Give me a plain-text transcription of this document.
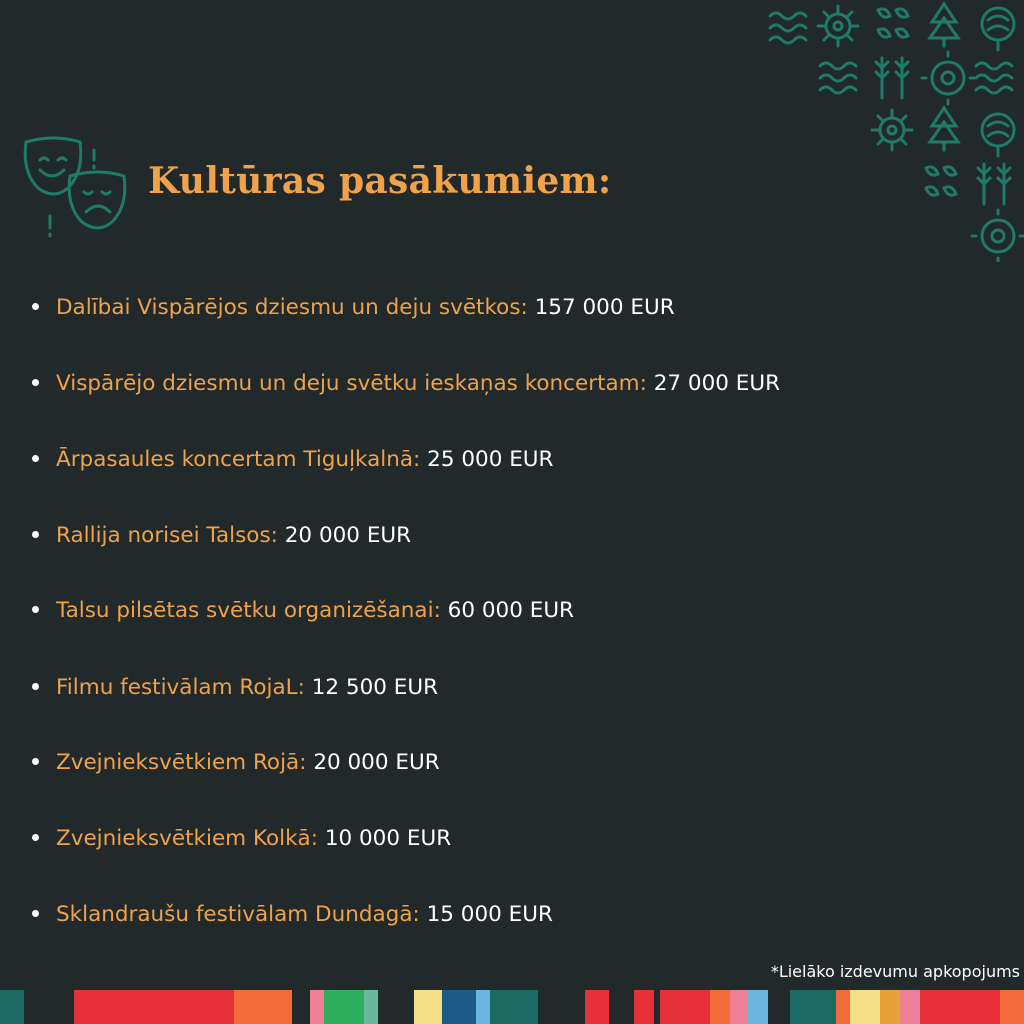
Kultūras pasākumiem:
Dalībai Vispārējos dziesmu un deju svētkos: 157 000 EUR
Vispārējo dziesmu un deju svētku ieskaņas koncertam: 27 000 EUR
Ārpasaules koncertam Tiguļkalnā: 25 000 EUR
Rallija norisei Talsos: 20 000 EUR
Talsu pilsētas svētku organizēšanai: 60 000 EUR
Filmu festivālam RojaL: 12 500 EUR
Zvejnieksvētkiem Rojā: 20 000 EUR
Zvejnieksvētkiem Kolkā: 10 000 EUR
Sklandraušu festivālam Dundagā: 15 000 EUR
*Lielāko izdevumu apkopojums
